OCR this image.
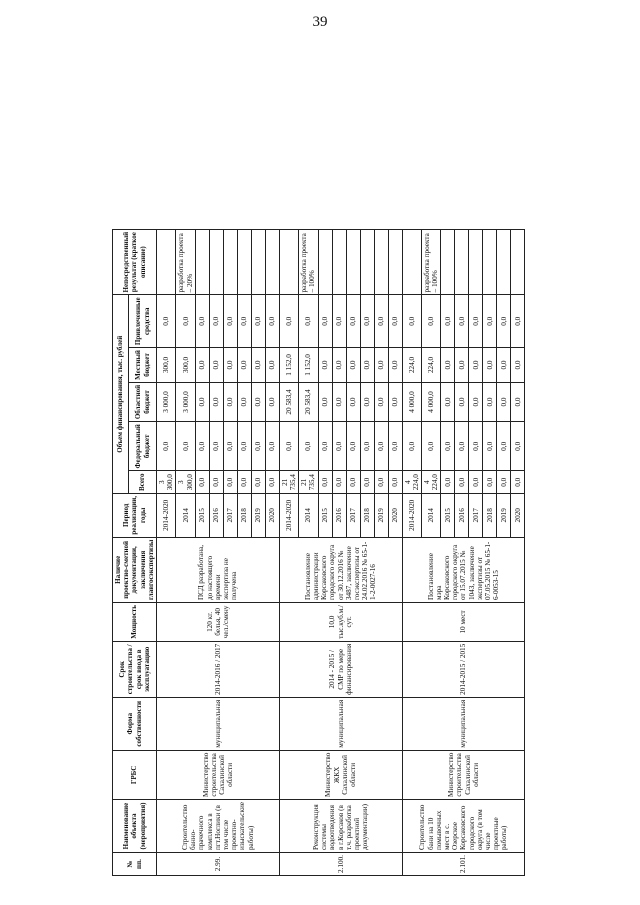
39
№ пп.	Наименование объекта (мероприятия)	ГРБС	Форма собственности	Срок строительства / срок ввода в эксплуатацию	Мощность	Наличие проектно-сметной документации, заключения главгосэкспертизы	Период реализации, годы	Объем финансирования, тыс. рублей					Непосредственный результат (краткое описание)
								Всего	Федеральный бюджет	Областной бюджет	Местный бюджет	Привлеченные средства	
2.99.	Строительство банно-прачечного комплекса в пгт.Ноглики (в том числе проектно-изыскательские работы)	Министерство строительства Сахалинской области	муниципальная	2014-2016 / 2017	120 кг. белья, 40 чел./смену	ПСД разработана, до настоящего времени экспертиза не получена	2014-2020	3 300,0	0,0	3 000,0	300,0	0,0	
							2014	3 300,0	0,0	3 000,0	300,0	0,0	разработка проекта – 20%
							2015	0,0	0,0	0,0	0,0	0,0	
							2016	0,0	0,0	0,0	0,0	0,0	
							2017	0,0	0,0	0,0	0,0	0,0	
							2018	0,0	0,0	0,0	0,0	0,0	
							2019	0,0	0,0	0,0	0,0	0,0	
							2020	0,0	0,0	0,0	0,0	0,0	
2.100.	Реконструкция системы водоотведения в г.Корсаков (в т.ч. разработка проектной документации)	Министерство ЖКХ Сахалинской области	муниципальная	2014 - 2015 / СМР по мере финансирования	10,0 тыс.куб.м./сут.	Постановление администрации Корсаковского городского округа от 30.12.2016 № 3487, заключение госэкспертизы от 24.02.2016 № 65-1-1-2-0027-16	2014-2020	21 735,4	0,0	20 583,4	1 152,0	0,0	
							2014	21 735,4	0,0	20 583,4	1 152,0	0,0	разработка проекта – 100%
							2015	0,0	0,0	0,0	0,0	0,0	
							2016	0,0	0,0	0,0	0,0	0,0	
							2017	0,0	0,0	0,0	0,0	0,0	
							2018	0,0	0,0	0,0	0,0	0,0	
							2019	0,0	0,0	0,0	0,0	0,0	
							2020	0,0	0,0	0,0	0,0	0,0	
2.101.	Строительство бани на 10 помывочных мест в с. Озерское Корсаковского городского округа (в том числе проектные работы)	Министерство строительства Сахалинской области	муниципальная	2014-2015 / 2015	10 мест	Постановление мэра Корсаковского городского округа от 15.07.2015 № 1043, заключение экспертизы от 07.05.2015 № 65-1-6-0053-15	2014-2020	4 224,0	0,0	4 000,0	224,0	0,0	
							2014	4 224,0	0,0	4 000,0	224,0	0,0	разработка проекта – 100%
							2015	0,0	0,0	0,0	0,0	0,0	
							2016	0,0	0,0	0,0	0,0	0,0	
							2017	0,0	0,0	0,0	0,0	0,0	
							2018	0,0	0,0	0,0	0,0	0,0	
							2019	0,0	0,0	0,0	0,0	0,0	
							2020	0,0	0,0	0,0	0,0	0,0	
